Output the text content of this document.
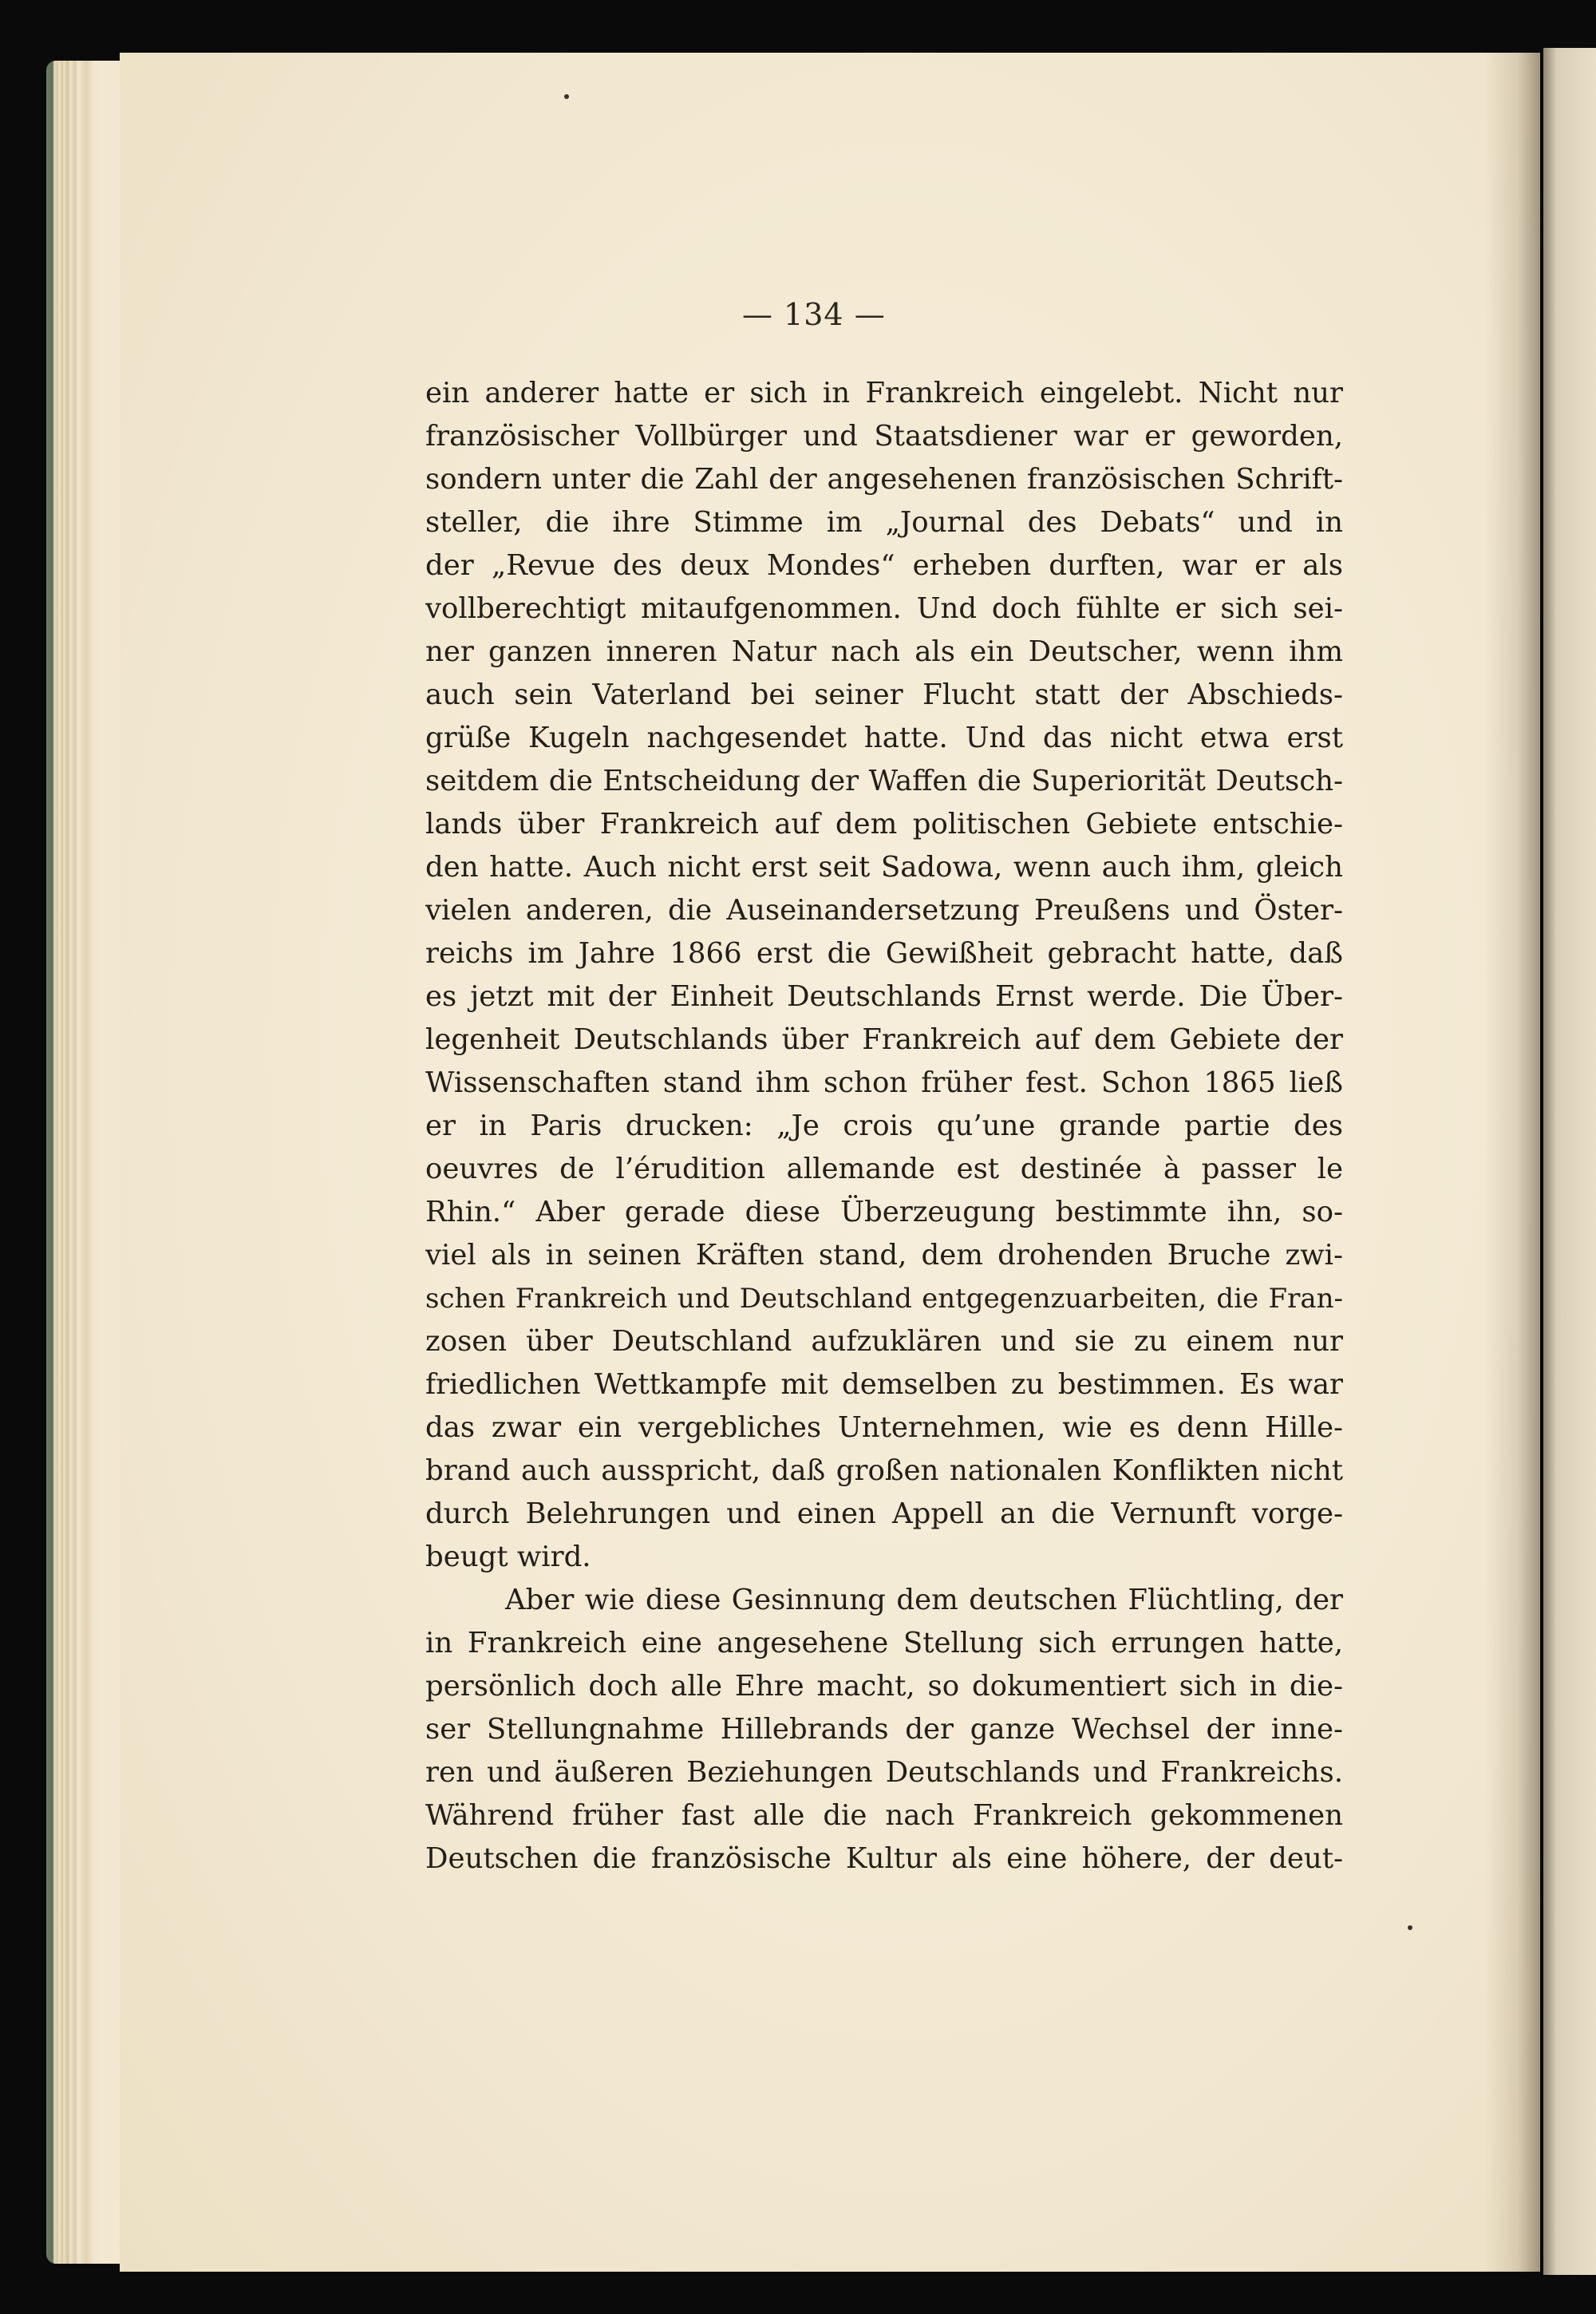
— 134 —
ein anderer hatte er sich in Frankreich eingelebt. Nicht nur
französischer Vollbürger und Staatsdiener war er geworden,
sondern unter die Zahl der angesehenen französischen Schrift-
steller, die ihre Stimme im „Journal des Debats“ und in
der „Revue des deux Mondes“ erheben durften, war er als
vollberechtigt mitaufgenommen. Und doch fühlte er sich sei-
ner ganzen inneren Natur nach als ein Deutscher, wenn ihm
auch sein Vaterland bei seiner Flucht statt der Abschieds-
grüße Kugeln nachgesendet hatte. Und das nicht etwa erst
seitdem die Entscheidung der Waffen die Superiorität Deutsch-
lands über Frankreich auf dem politischen Gebiete entschie-
den hatte. Auch nicht erst seit Sadowa, wenn auch ihm, gleich
vielen anderen, die Auseinandersetzung Preußens und Öster-
reichs im Jahre 1866 erst die Gewißheit gebracht hatte, daß
es jetzt mit der Einheit Deutschlands Ernst werde. Die Über-
legenheit Deutschlands über Frankreich auf dem Gebiete der
Wissenschaften stand ihm schon früher fest. Schon 1865 ließ
er in Paris drucken: „Je crois qu’une grande partie des
oeuvres de l’érudition allemande est destinée à passer le
Rhin.“ Aber gerade diese Überzeugung bestimmte ihn, so-
viel als in seinen Kräften stand, dem drohenden Bruche zwi-
schen Frankreich und Deutschland entgegenzuarbeiten, die Fran-
zosen über Deutschland aufzuklären und sie zu einem nur
friedlichen Wettkampfe mit demselben zu bestimmen. Es war
das zwar ein vergebliches Unternehmen, wie es denn Hille-
brand auch ausspricht, daß großen nationalen Konflikten nicht
durch Belehrungen und einen Appell an die Vernunft vorge-
beugt wird.
Aber wie diese Gesinnung dem deutschen Flüchtling, der
in Frankreich eine angesehene Stellung sich errungen hatte,
persönlich doch alle Ehre macht, so dokumentiert sich in die-
ser Stellungnahme Hillebrands der ganze Wechsel der inne-
ren und äußeren Beziehungen Deutschlands und Frankreichs.
Während früher fast alle die nach Frankreich gekommenen
Deutschen die französische Kultur als eine höhere, der deut-
